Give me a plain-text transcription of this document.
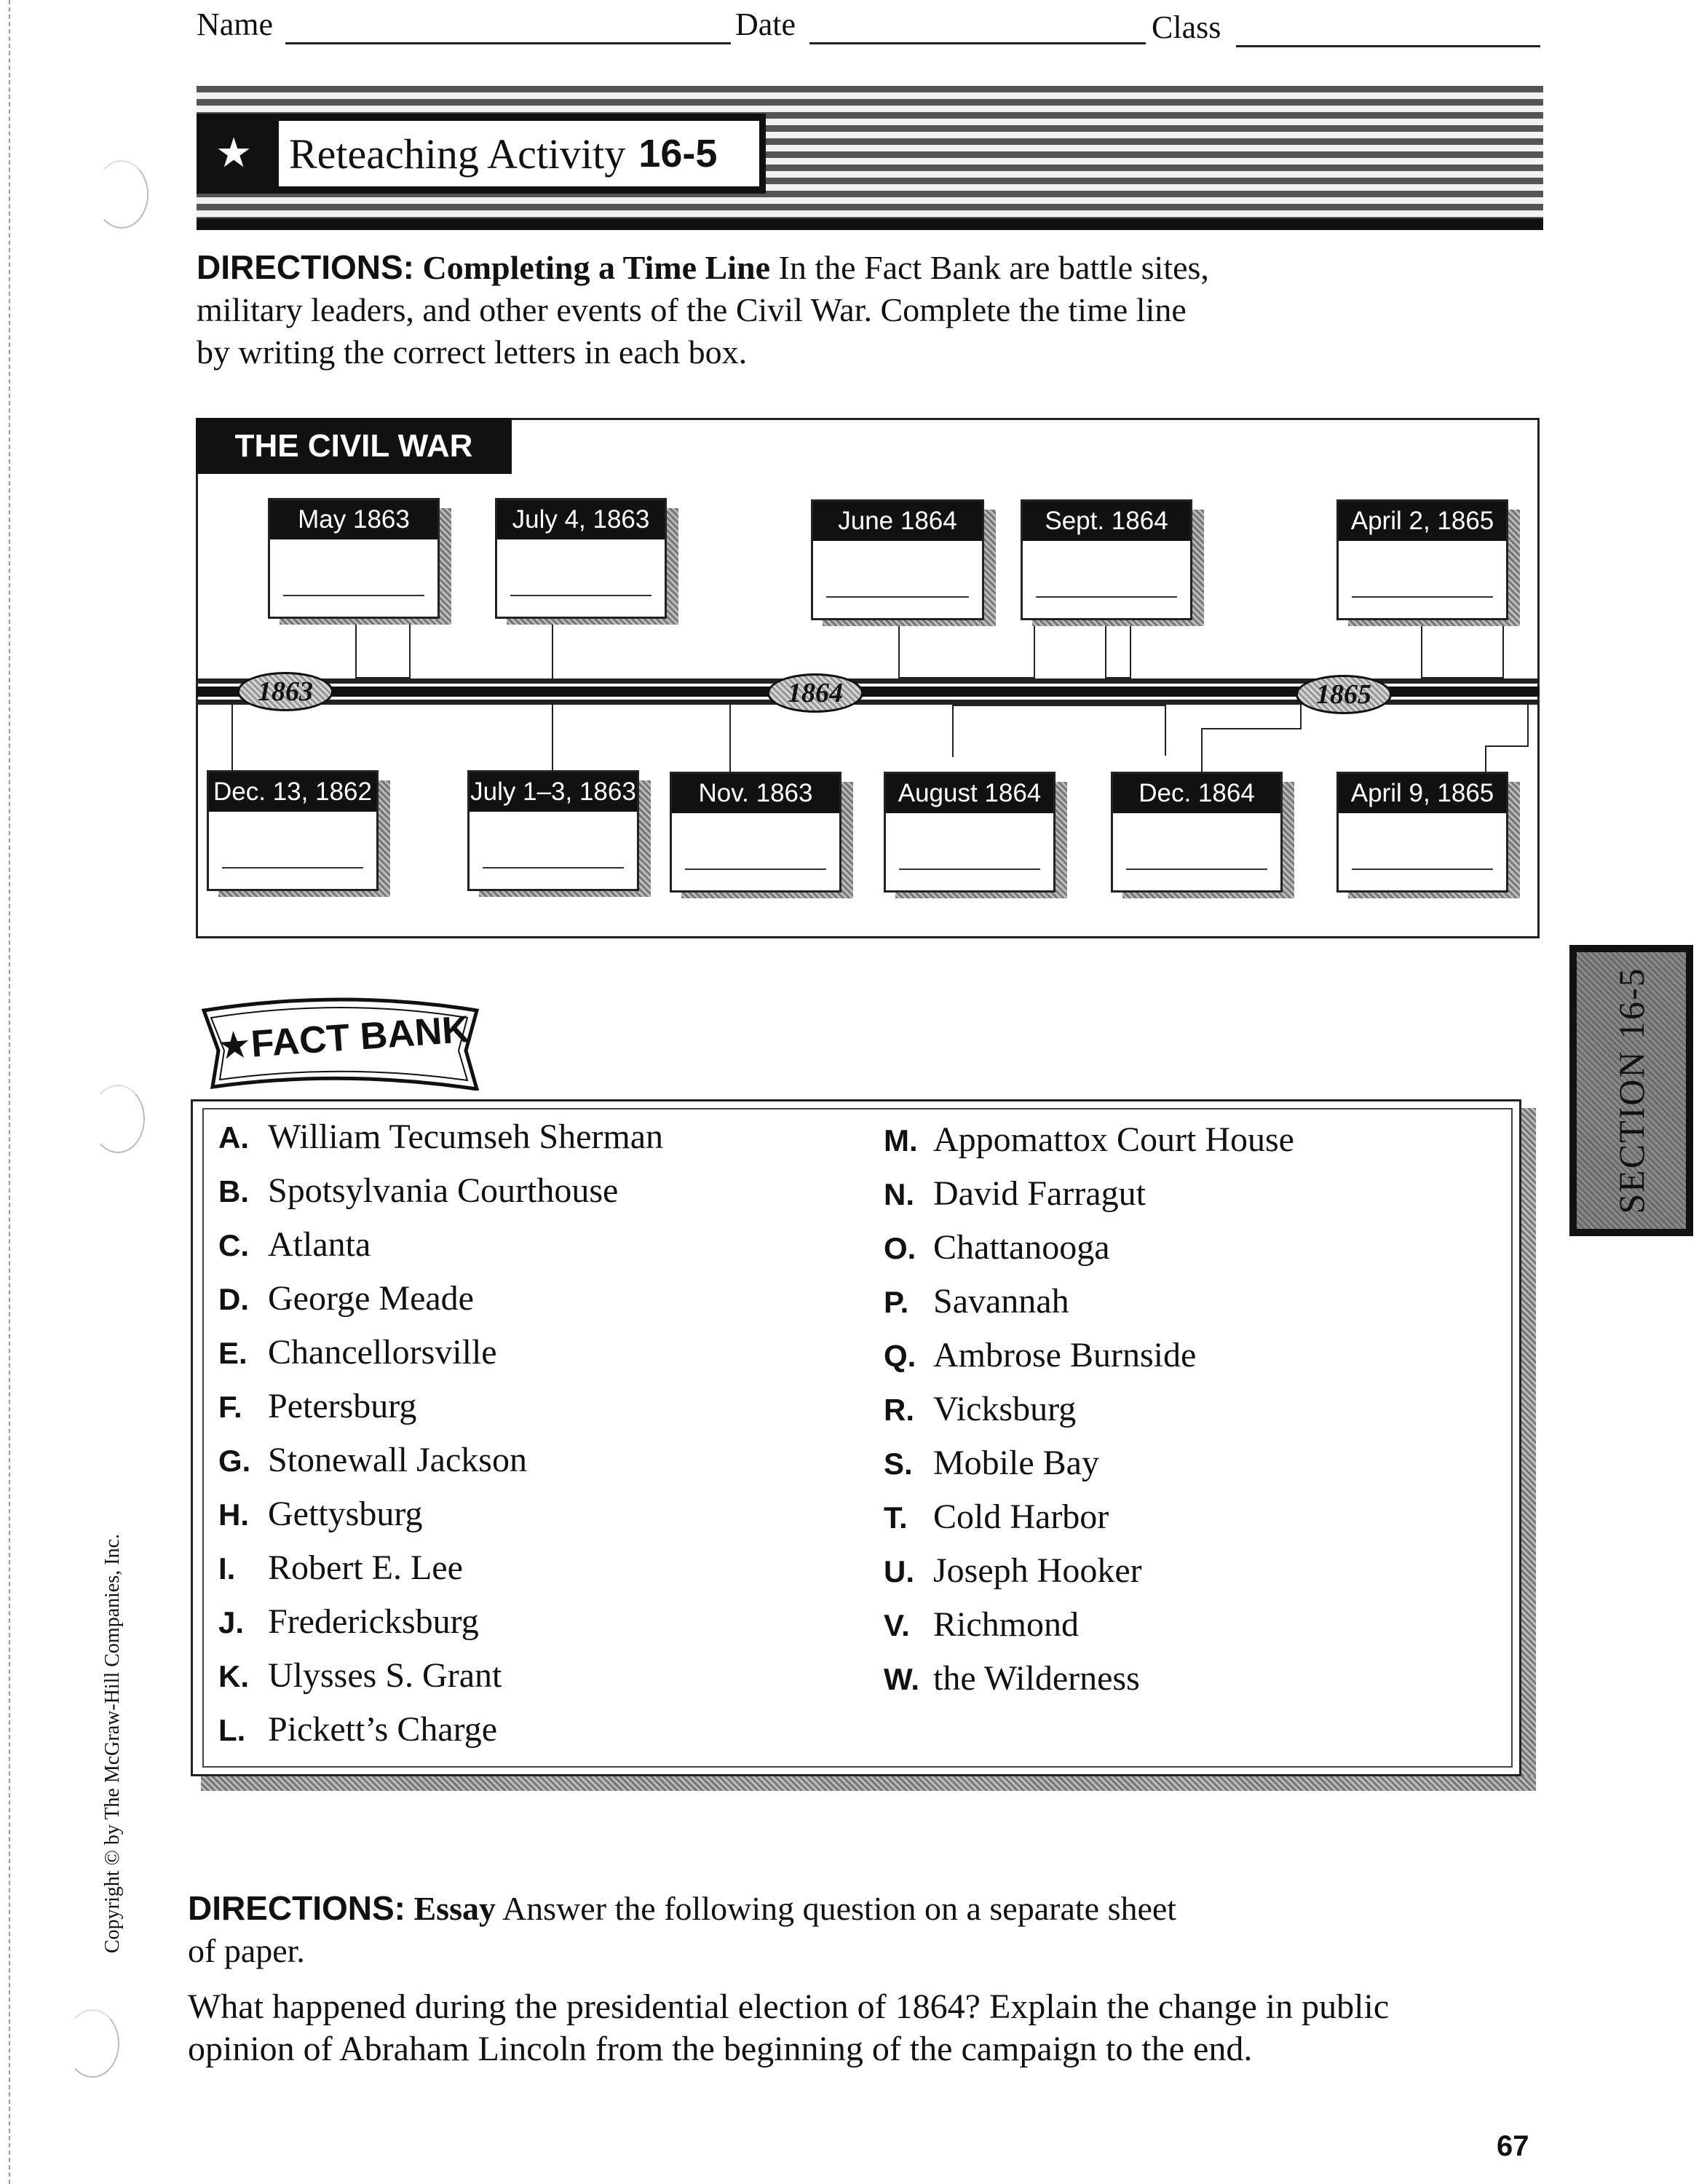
Name	Date	Class
★ Reteaching Activity 16-5
DIRECTIONS: Completing a Time Line In the Fact Bank are battle sites,
military leaders, and other events of the Civil War. Complete the time line
by writing the correct letters in each box.
THE CIVIL WAR
1863	1864	1865
May 1863	July 4, 1863	June 1864	Sept. 1864	April 2, 1865
Dec. 13, 1862	July 1–3, 1863	Nov. 1863	August 1864	Dec. 1864	April 9, 1865
★FACT BANK
A. William Tecumseh Sherman
B. Spotsylvania Courthouse
C. Atlanta
D. George Meade
E. Chancellorsville
F. Petersburg
G. Stonewall Jackson
H. Gettysburg
I. Robert E. Lee
J. Fredericksburg
K. Ulysses S. Grant
L. Pickett’s Charge
M. Appomattox Court House
N. David Farragut
O. Chattanooga
P. Savannah
Q. Ambrose Burnside
R. Vicksburg
S. Mobile Bay
T. Cold Harbor
U. Joseph Hooker
V. Richmond
W. the Wilderness
SECTION 16-5
Copyright © by The McGraw-Hill Companies, Inc. DIRECTIONS: Essay Answer the following question on a separate sheet
of paper.
What happened during the presidential election of 1864? Explain the change in public
opinion of Abraham Lincoln from the beginning of the campaign to the end.
67
